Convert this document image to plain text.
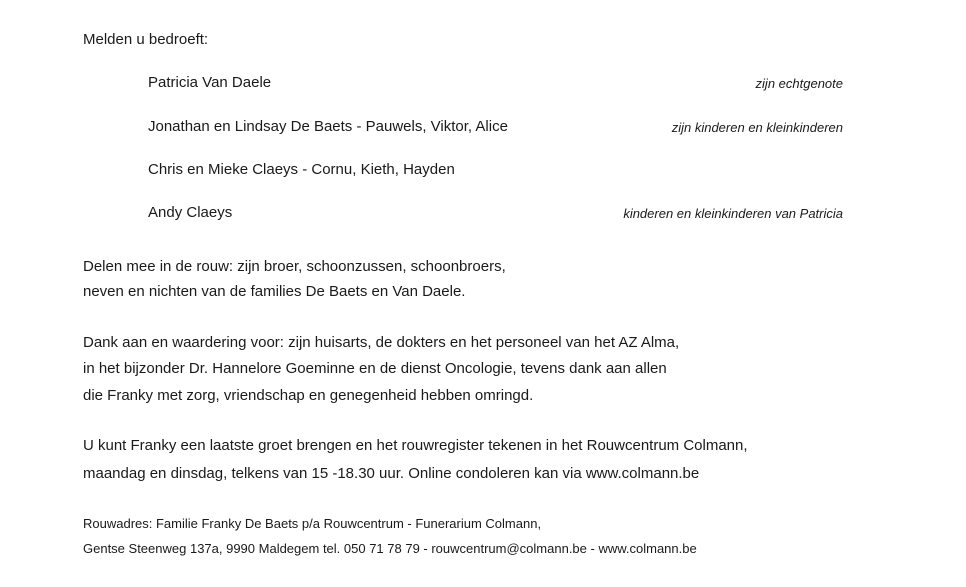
Melden u bedroeft:
Patricia Van Daele	zijn echtgenote
Jonathan en Lindsay De Baets - Pauwels, Viktor, Alice	zijn kinderen en kleinkinderen
Chris en Mieke Claeys - Cornu, Kieth, Hayden
Andy Claeys	kinderen en kleinkinderen van Patricia
Delen mee in de rouw: zijn broer, schoonzussen, schoonbroers,
neven en nichten van de families De Baets en Van Daele.
Dank aan en waardering voor: zijn huisarts, de dokters en het personeel van het AZ Alma,
in het bijzonder Dr. Hannelore Goeminne en de dienst Oncologie, tevens dank aan allen
die Franky met zorg, vriendschap en genegenheid hebben omringd.
U kunt Franky een laatste groet brengen en het rouwregister tekenen in het Rouwcentrum Colmann,
maandag en dinsdag, telkens van 15 -18.30 uur. Online condoleren kan via www.colmann.be
Rouwadres: Familie Franky De Baets p/a Rouwcentrum - Funerarium Colmann,
Gentse Steenweg 137a, 9990 Maldegem tel. 050 71 78 79 - rouwcentrum@colmann.be - www.colmann.be
